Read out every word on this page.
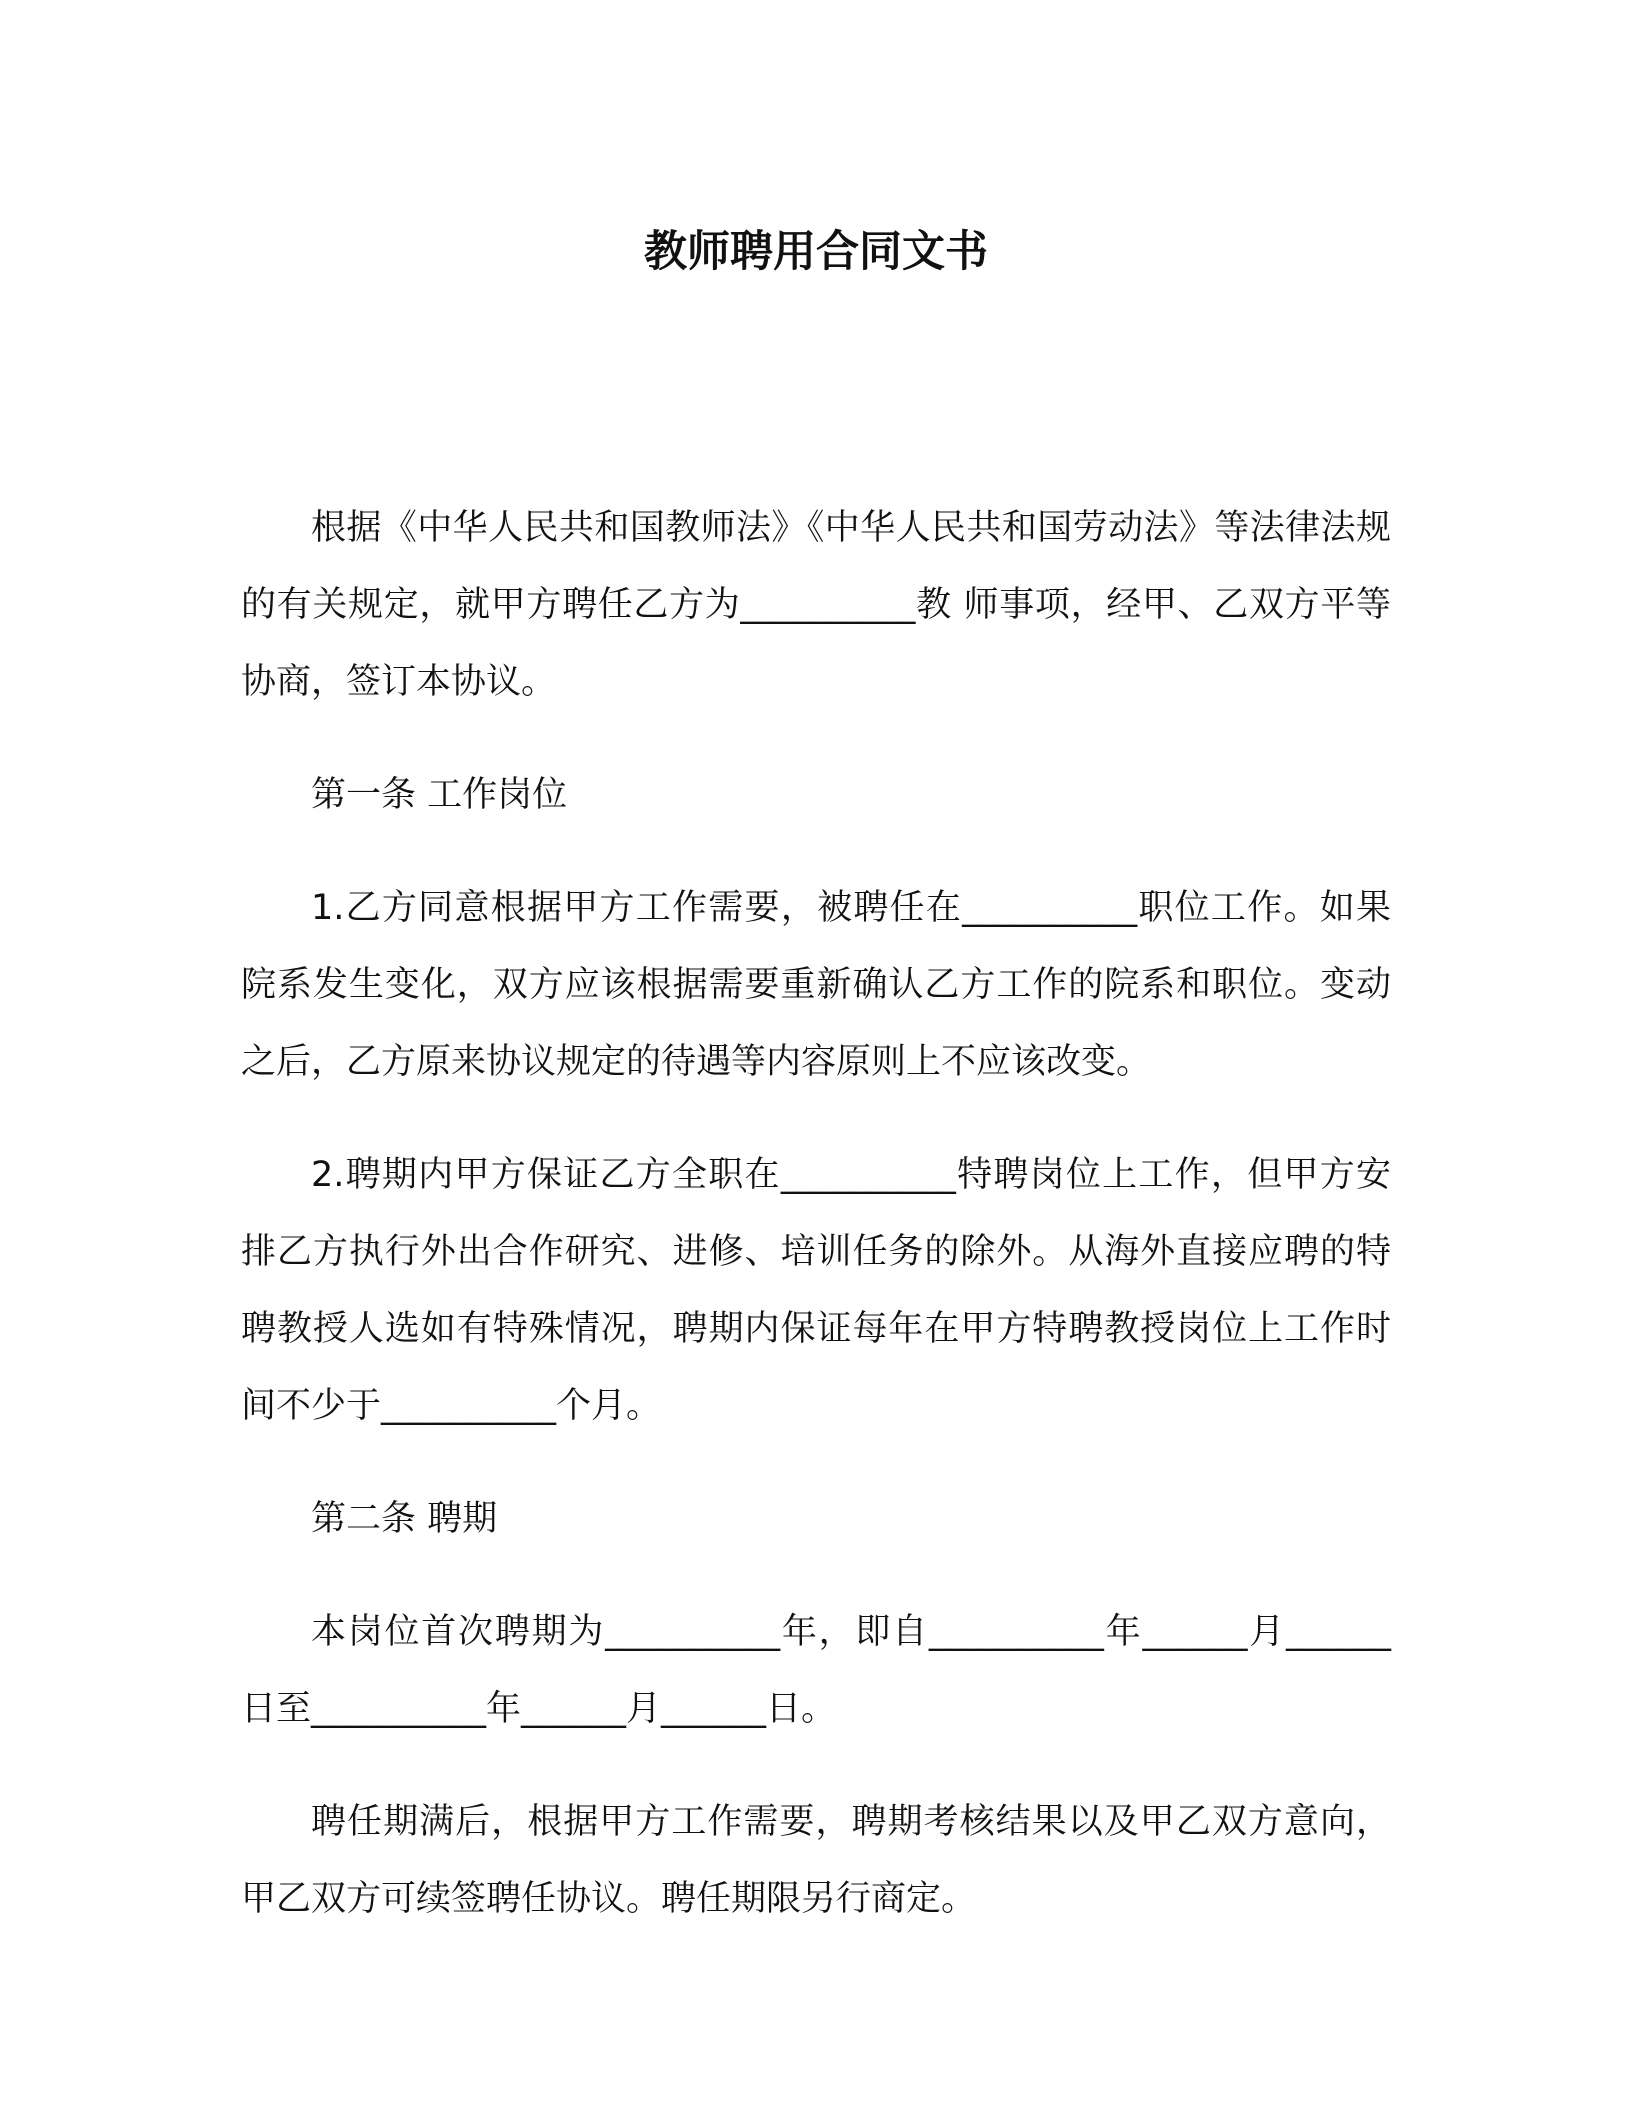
教师聘用合同文书

根据《中华人民共和国教师法》《中华人民共和国劳动法》等法律法规的有关规定，就甲方聘任乙方为__________教 师事项，经甲、乙双方平等协商，签订本协议。

第一条 工作岗位

1.乙方同意根据甲方工作需要，被聘任在__________职位工作。如果院系发生变化，双方应该根据需要重新确认乙方工作的院系和职位。变动之后，乙方原来协议规定的待遇等内容原则上不应该改变。

2.聘期内甲方保证乙方全职在__________特聘岗位上工作，但甲方安排乙方执行外出合作研究、进修、培训任务的除外。从海外直接应聘的特聘教授人选如有特殊情况，聘期内保证每年在甲方特聘教授岗位上工作时间不少于__________个月。

第二条 聘期

本岗位首次聘期为__________年，即自__________年______月______日至__________年______月______日。

聘任期满后，根据甲方工作需要，聘期考核结果以及甲乙双方意向，甲乙双方可续签聘任协议。聘任期限另行商定。
